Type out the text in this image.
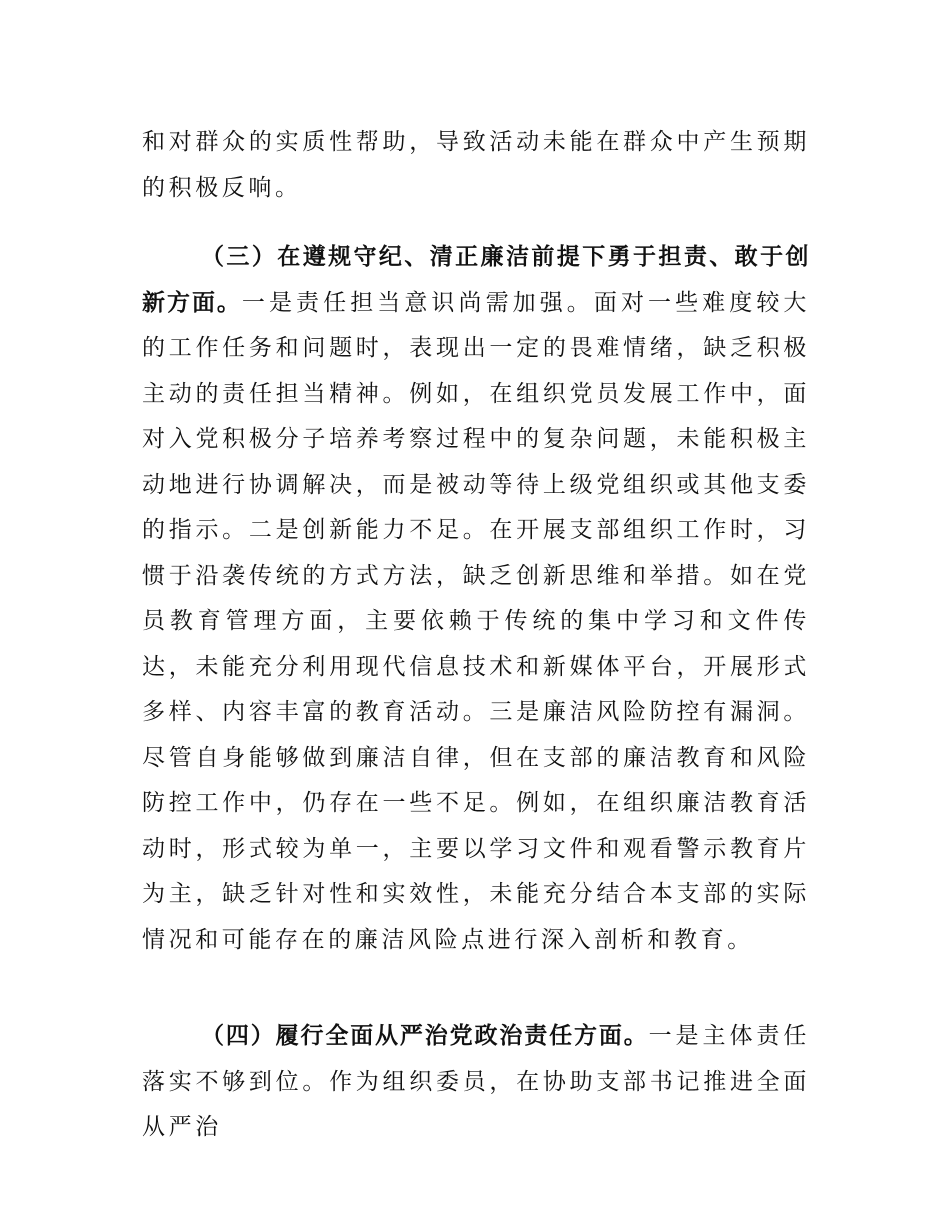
和对群众的实质性帮助，导致活动未能在群众中产生预期的积极反响。

（三）在遵规守纪、清正廉洁前提下勇于担责、敢于创新方面。一是责任担当意识尚需加强。面对一些难度较大的工作任务和问题时，表现出一定的畏难情绪，缺乏积极主动的责任担当精神。例如，在组织党员发展工作中，面对入党积极分子培养考察过程中的复杂问题，未能积极主动地进行协调解决，而是被动等待上级党组织或其他支委的指示。二是创新能力不足。在开展支部组织工作时，习惯于沿袭传统的方式方法，缺乏创新思维和举措。如在党员教育管理方面，主要依赖于传统的集中学习和文件传达，未能充分利用现代信息技术和新媒体平台，开展形式多样、内容丰富的教育活动。三是廉洁风险防控有漏洞。尽管自身能够做到廉洁自律，但在支部的廉洁教育和风险防控工作中，仍存在一些不足。例如，在组织廉洁教育活动时，形式较为单一，主要以学习文件和观看警示教育片为主，缺乏针对性和实效性，未能充分结合本支部的实际情况和可能存在的廉洁风险点进行深入剖析和教育。

（四）履行全面从严治党政治责任方面。一是主体责任落实不够到位。作为组织委员，在协助支部书记推进全面从严治
